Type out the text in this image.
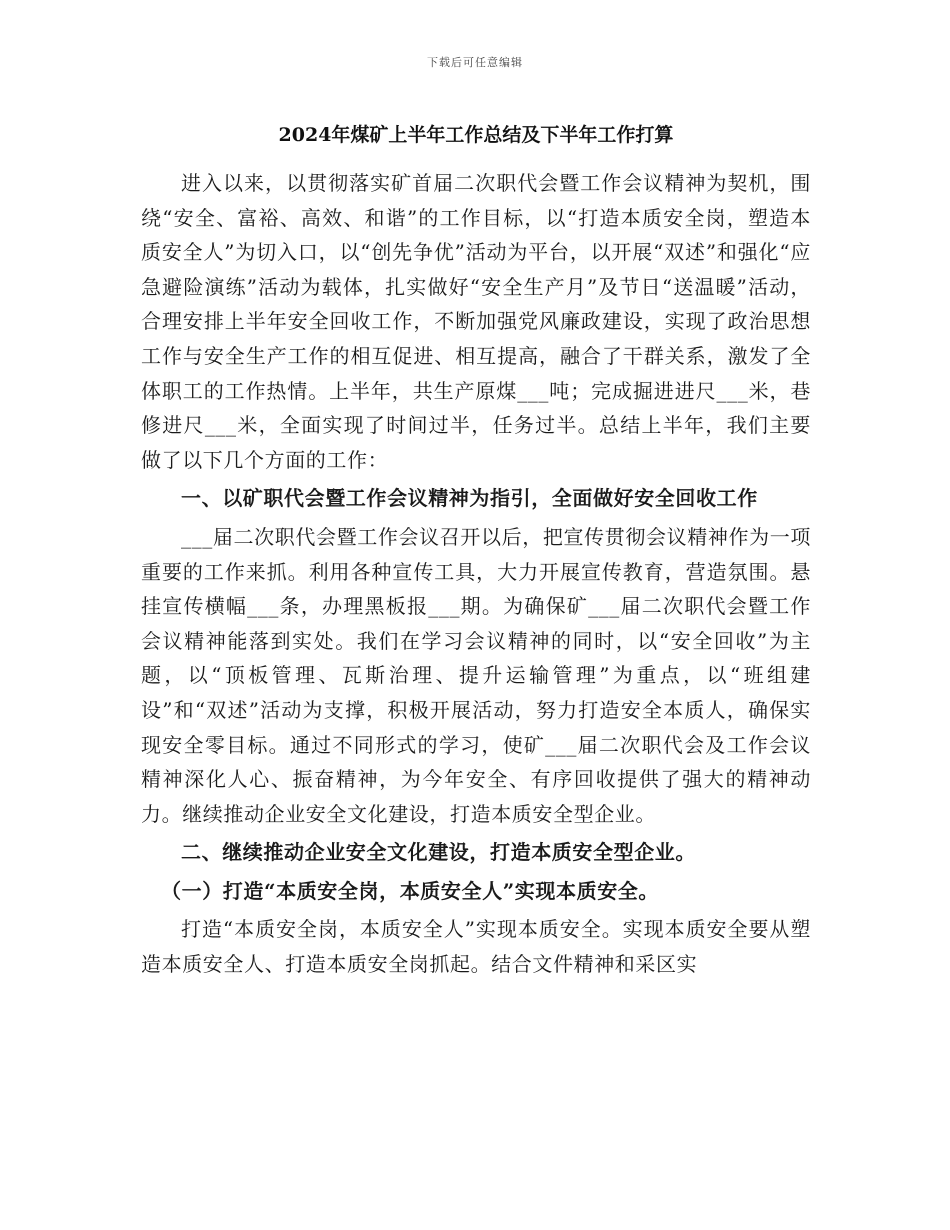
下载后可任意编辑
2024年煤矿上半年工作总结及下半年工作打算

进入以来，以贯彻落实矿首届二次职代会暨工作会议精神为契机，围绕“安全、富裕、高效、和谐”的工作目标，以“打造本质安全岗，塑造本质安全人”为切入口，以“创先争优”活动为平台，以开展“双述”和强化“应急避险演练”活动为载体，扎实做好“安全生产月”及节日“送温暖”活动，合理安排上半年安全回收工作，不断加强党风廉政建设，实现了政治思想工作与安全生产工作的相互促进、相互提高，融合了干群关系，激发了全体职工的工作热情。上半年，共生产原煤___吨；完成掘进进尺___米，巷修进尺___米，全面实现了时间过半，任务过半。总结上半年，我们主要做了以下几个方面的工作：

一、以矿职代会暨工作会议精神为指引，全面做好安全回收工作

___届二次职代会暨工作会议召开以后，把宣传贯彻会议精神作为一项重要的工作来抓。利用各种宣传工具，大力开展宣传教育，营造氛围。悬挂宣传横幅___条，办理黑板报___期。为确保矿___届二次职代会暨工作会议精神能落到实处。我们在学习会议精神的同时，以“安全回收”为主题，以“顶板管理、瓦斯治理、提升运输管理”为重点，以“班组建设”和“双述”活动为支撑，积极开展活动，努力打造安全本质人，确保实现安全零目标。通过不同形式的学习，使矿___届二次职代会及工作会议精神深化人心、振奋精神，为今年安全、有序回收提供了强大的精神动力。继续推动企业安全文化建设，打造本质安全型企业。

二、继续推动企业安全文化建设，打造本质安全型企业。

（一）打造“本质安全岗，本质安全人”实现本质安全。

打造“本质安全岗，本质安全人”实现本质安全。实现本质安全要从塑造本质安全人、打造本质安全岗抓起。结合文件精神和采区实
